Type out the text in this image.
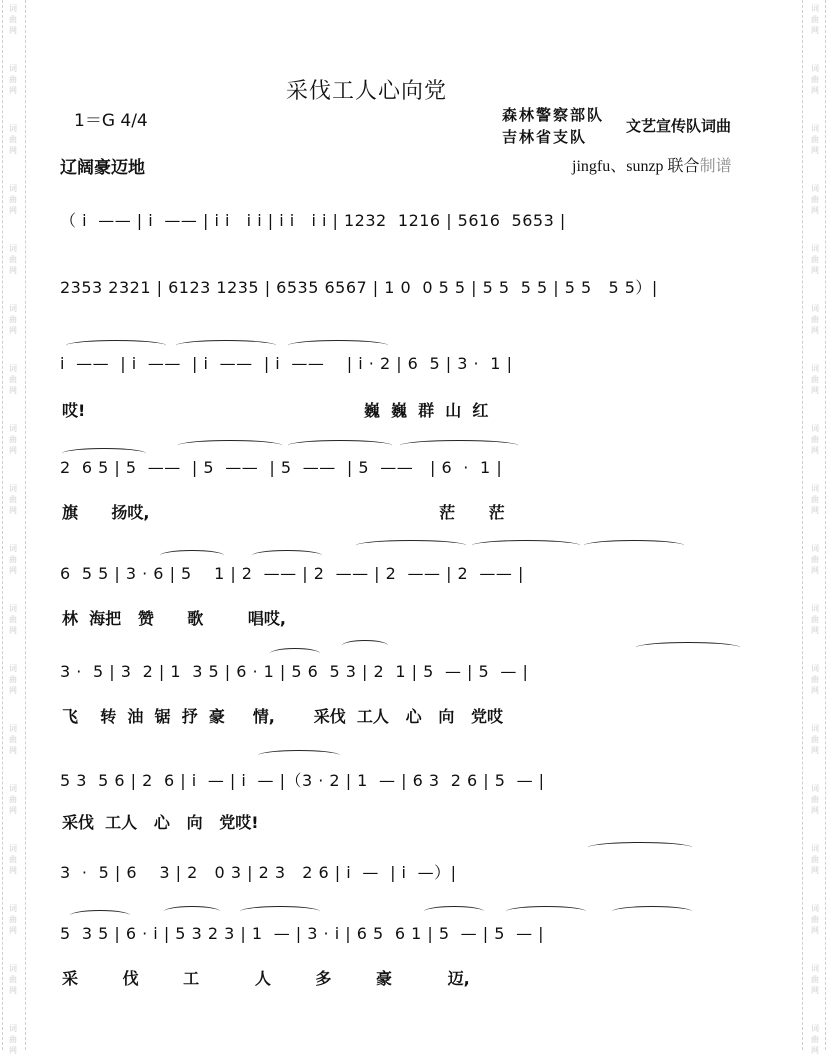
词
曲
网
词
曲
网
词
曲
网
词
曲
网
词
曲
网
词
曲
网
词
曲
网
词
曲
网
词
曲
网
词
曲
网
词
曲
网
词
曲
网
词
曲
网
词
曲
网
词
曲
网
词
曲
网
词
曲
网
词
曲
网
词
曲
网
词
曲
网
词
曲
网
词
曲
网
词
曲
网
词
曲
网
词
曲
网
词
曲
网
词
曲
网
词
曲
网
词
曲
网
词
曲
网
词
曲
网
词
曲
网
词
曲
网
词
曲
网
词
曲
网
词
曲
网
采伐工人心向党
1＝G 4/4
辽阔豪迈地
森林警察部队
吉林省支队
文艺宣传队词曲
jingfu、sunzp 联合制谱
（ i  —— | i  —— | i i   i i | i i   i i | 1232  1216 | 5616  5653 |
2353 2321 | 6123 1235 | 6535 6567 | 1 0  0 5 5 | 5 5  5 5 | 5 5   5 5）|
i  ——  | i  ——  | i  ——  | i  ——    | i · 2 | 6  5 | 3 ·  1 |
哎!                                                  巍  巍  群  山  红
2  6 5 | 5  ——  | 5  ——  | 5  ——  | 5  ——   | 6  ·  1 |
旗      扬哎,                                                    茫      茫
6  5 5 | 3 · 6 | 5    1 | 2  —— | 2  —— | 2  —— | 2  —— |
林  海把   赞      歌        唱哎,
3 ·  5 | 3  2 | 1  3 5 | 6 · 1 | 5 6  5 3 | 2  1 | 5  — | 5  — |
飞    转  油  锯  抒  豪     情,       采伐  工人   心   向   党哎
5 3  5 6 | 2  6 | i  — | i  — |（3 · 2 | 1  — | 6 3  2 6 | 5  — |
采伐  工人   心   向   党哎!
3  ·  5 | 6    3 | 2   0 3 | 2 3   2 6 | i  —  | i  —）|
5  3 5 | 6 · i | 5 3 2 3 | 1  — | 3 · i | 6 5  6 1 | 5  — | 5  — |
采        伐        工          人        多        豪          迈,
